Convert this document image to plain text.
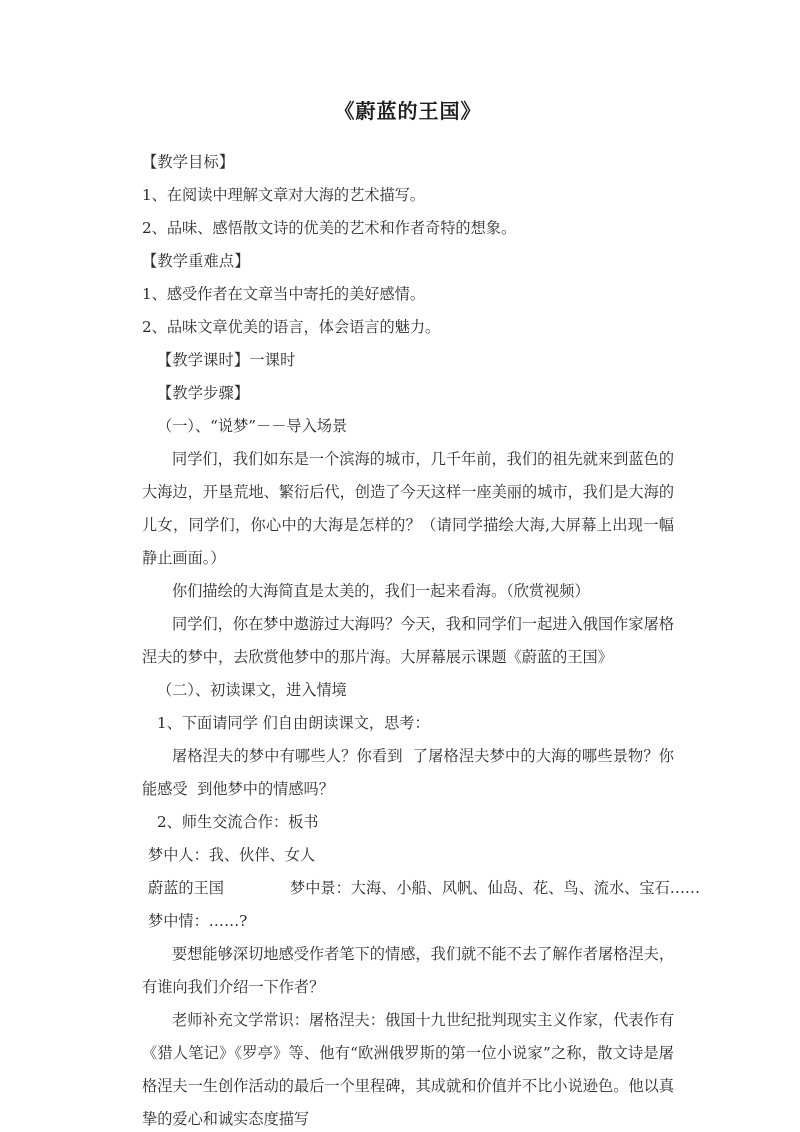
《蔚蓝的王国》

【教学目标】

1、在阅读中理解文章对大海的艺术描写。

2、品味、感悟散文诗的优美的艺术和作者奇特的想象。

【教学重难点】

1、感受作者在文章当中寄托的美好感情。

2、品味文章优美的语言，体会语言的魅力。

【教学课时】一课时

【教学步骤】

（一）、“说梦”－－导入场景

同学们，我们如东是一个滨海的城市，几千年前，我们的祖先就来到蓝色的大海边，开垦荒地、繁衍后代，创造了今天这样一座美丽的城市，我们是大海的儿女，同学们，你心中的大海是怎样的？（请同学描绘大海,大屏幕上出现一幅静止画面。）

你们描绘的大海简直是太美的，我们一起来看海。（欣赏视频）

同学们，你在梦中遨游过大海吗？今天，我和同学们一起进入俄国作家屠格涅夫的梦中，去欣赏他梦中的那片海。大屏幕展示课题《蔚蓝的王国》

（二）、初读课文，进入情境

1、下面请同学 们自由朗读课文，思考：

屠格涅夫的梦中有哪些人？你看到  了屠格涅夫梦中的大海的哪些景物？你能感受  到他梦中的情感吗？

2、师生交流合作：板书

梦中人：我、伙伴、女人
蔚蓝的王国	梦中景：大海、小船、风帆、仙岛、花、鸟、流水、宝石……
梦中情：……?

要想能够深切地感受作者笔下的情感，我们就不能不去了解作者屠格涅夫，有谁向我们介绍一下作者？

老师补充文学常识：屠格涅夫：俄国十九世纪批判现实主义作家，代表作有《猎人笔记》《罗亭》等、他有“欧洲俄罗斯的第一位小说家”之称，散文诗是屠格涅夫一生创作活动的最后一个里程碑，其成就和价值并不比小说逊色。他以真挚的爱心和诚实态度描写
